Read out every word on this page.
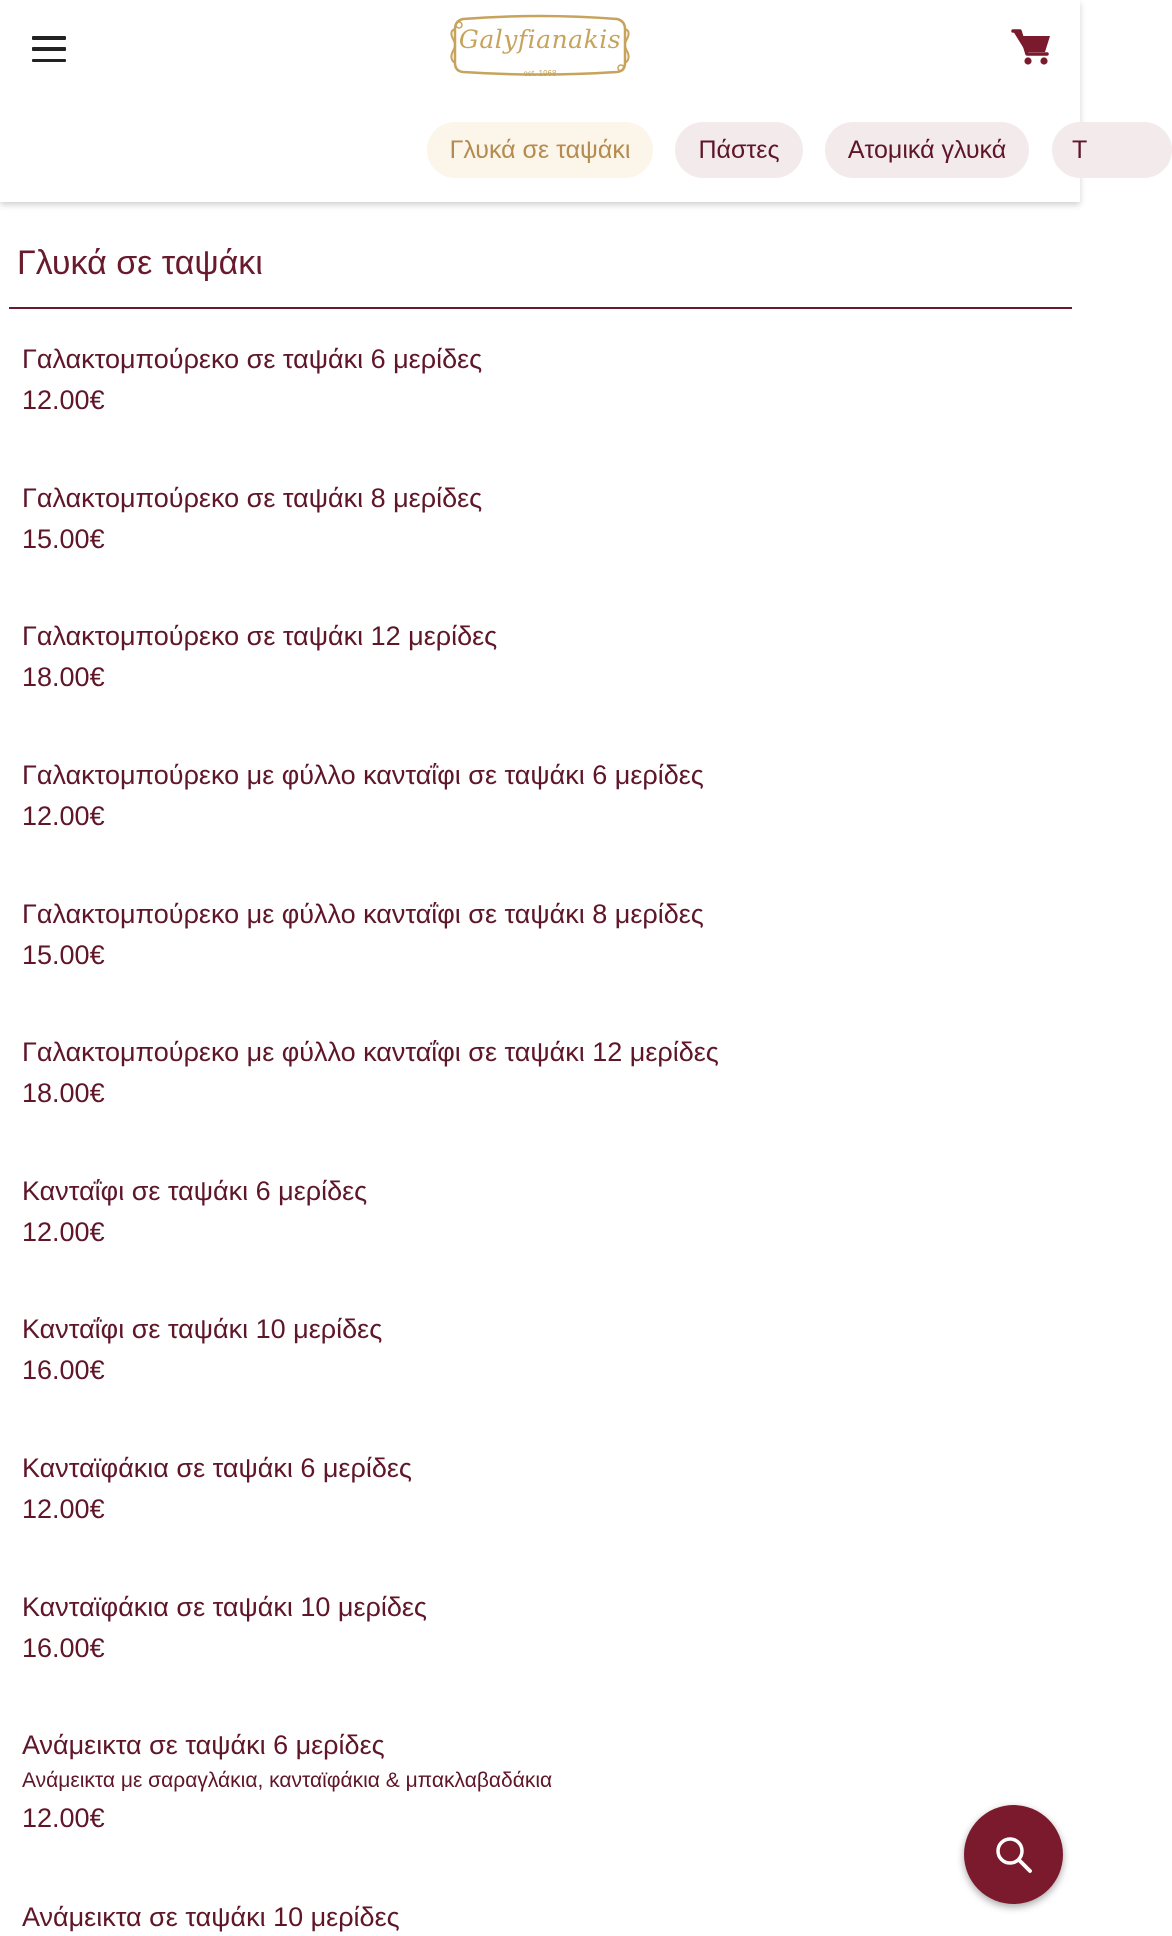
Galyfianakis
est. 1968
Γλυκά σε ταψάκι	Πάστες	Ατομικά γλυκά	Τ
Γλυκά σε ταψάκι
Γαλακτομπούρεκο σε ταψάκι 6 μερίδες
12.00€
Γαλακτομπούρεκο σε ταψάκι 8 μερίδες
15.00€
Γαλακτομπούρεκο σε ταψάκι 12 μερίδες
18.00€
Γαλακτομπούρεκο με φύλλο κανταΐφι σε ταψάκι 6 μερίδες
12.00€
Γαλακτομπούρεκο με φύλλο κανταΐφι σε ταψάκι 8 μερίδες
15.00€
Γαλακτομπούρεκο με φύλλο κανταΐφι σε ταψάκι 12 μερίδες
18.00€
Κανταΐφι σε ταψάκι 6 μερίδες
12.00€
Κανταΐφι σε ταψάκι 10 μερίδες
16.00€
Κανταϊφάκια σε ταψάκι 6 μερίδες
12.00€
Κανταϊφάκια σε ταψάκι 10 μερίδες
16.00€
Ανάμεικτα σε ταψάκι 6 μερίδες
Ανάμεικτα με σαραγλάκια, κανταϊφάκια & μπακλαβαδάκια
12.00€
Ανάμεικτα σε ταψάκι 10 μερίδες
